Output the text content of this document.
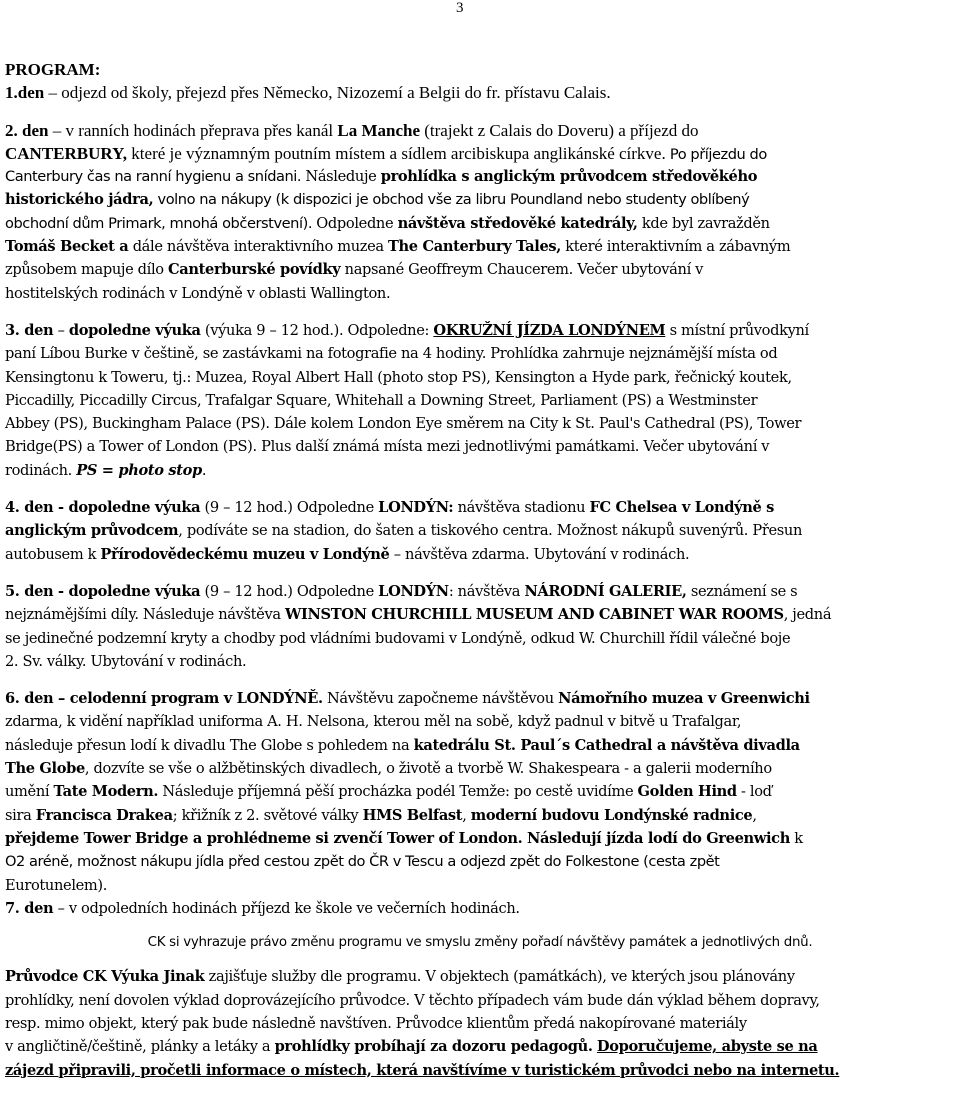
3
PROGRAM:
1.den – odjezd od školy, přejezd přes Německo, Nizozemí a Belgii do fr. přístavu Calais.
2. den – v ranních hodinách přeprava přes kanál La Manche (trajekt z Calais do Doveru) a příjezd do
CANTERBURY, které je významným poutním místem a sídlem arcibiskupa anglikánské církve. Po příjezdu do
Canterbury čas na ranní hygienu a snídani. Následuje prohlídka s anglickým průvodcem středověkého
historického jádra, volno na nákupy (k dispozici je obchod vše za libru Poundland nebo studenty oblíbený
obchodní dům Primark, mnohá občerstvení). Odpoledne návštěva středověké katedrály, kde byl zavražděn
Tomáš Becket a dále návštěva interaktivního muzea The Canterbury Tales, které interaktivním a zábavným
způsobem mapuje dílo Canterburské povídky napsané Geoffreym Chaucerem. Večer ubytování v
hostitelských rodinách v Londýně v oblasti Wallington.
3. den – dopoledne výuka (výuka 9 – 12 hod.). Odpoledne: OKRUŽNÍ JÍZDA LONDÝNEM s místní průvodkyní
paní Líbou Burke v češtině, se zastávkami na fotografie na 4 hodiny. Prohlídka zahrnuje nejznámější místa od
Kensingtonu k Toweru, tj.: Muzea, Royal Albert Hall (photo stop PS), Kensington a Hyde park, řečnický koutek,
Piccadilly, Piccadilly Circus, Trafalgar Square, Whitehall a Downing Street, Parliament (PS) a Westminster
Abbey (PS), Buckingham Palace (PS). Dále kolem London Eye směrem na City k St. Paul's Cathedral (PS), Tower
Bridge(PS) a Tower of London (PS). Plus další známá místa mezi jednotlivými památkami. Večer ubytování v
rodinách. PS = photo stop.
4. den - dopoledne výuka (9 – 12 hod.) Odpoledne LONDÝN: návštěva stadionu FC Chelsea v Londýně s
anglickým průvodcem, podíváte se na stadion, do šaten a tiskového centra. Možnost nákupů suvenýrů. Přesun
autobusem k Přírodovědeckému muzeu v Londýně – návštěva zdarma. Ubytování v rodinách.
5. den - dopoledne výuka (9 – 12 hod.) Odpoledne LONDÝN: návštěva NÁRODNÍ GALERIE, seznámení se s
nejznámějšími díly. Následuje návštěva WINSTON CHURCHILL MUSEUM AND CABINET WAR ROOMS, jedná
se jedinečné podzemní kryty a chodby pod vládními budovami v Londýně, odkud W. Churchill řídil válečné boje
2. Sv. války. Ubytování v rodinách.
6. den – celodenní program v LONDÝNĚ. Návštěvu započneme návštěvou Námořního muzea v Greenwichi
zdarma, k vidění například uniforma A. H. Nelsona, kterou měl na sobě, když padnul v bitvě u Trafalgar,
následuje přesun lodí k divadlu The Globe s pohledem na katedrálu St. Paul´s Cathedral a návštěva divadla
The Globe, dozvíte se vše o alžbětinských divadlech, o životě a tvorbě W. Shakespeara - a galerii moderního
umění Tate Modern. Následuje příjemná pěší procházka podél Temže: po cestě uvidíme Golden Hind - loď
sira Francisca Drakea; křižník z 2. světové války HMS Belfast, moderní budovu Londýnské radnice,
přejdeme Tower Bridge a prohlédneme si zvenčí Tower of London. Následují jízda lodí do Greenwich k
O2 aréně, možnost nákupu jídla před cestou zpět do ČR v Tescu a odjezd zpět do Folkestone (cesta zpět
Eurotunelem).
7. den – v odpoledních hodinách příjezd ke škole ve večerních hodinách.
CK si vyhrazuje právo změnu programu ve smyslu změny pořadí návštěvy památek a jednotlivých dnů.
Průvodce CK Výuka Jinak zajišťuje služby dle programu. V objektech (památkách), ve kterých jsou plánovány
prohlídky, není dovolen výklad doprovázejícího průvodce. V těchto případech vám bude dán výklad během dopravy,
resp. mimo objekt, který pak bude následně navštíven. Průvodce klientům předá nakopírované materiály
v angličtině/češtině, plánky a letáky a prohlídky probíhají za dozoru pedagogů. Doporučujeme, abyste se na
zájezd připravili, pročetli informace o místech, která navštívíme v turistickém průvodci nebo na internetu.
